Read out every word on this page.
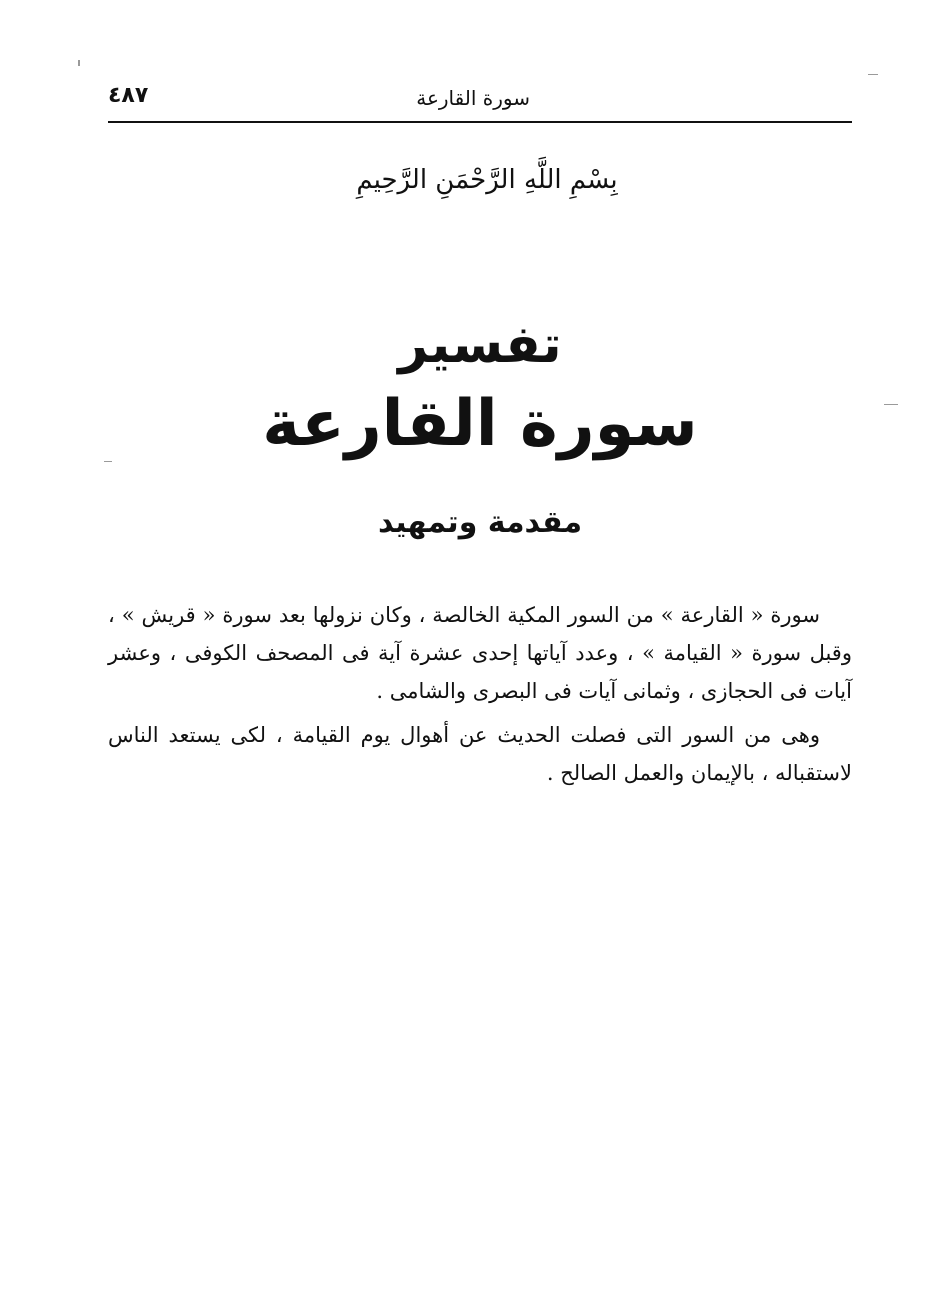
سورة القارعة
٤٨٧
بِسْمِ اللَّهِ الرَّحْمَنِ الرَّحِيمِ
تفسير
سورة القارعة
مقدمة وتمهيد

سورة « القارعة » من السور المكية الخالصة ، وكان نزولها بعد سورة « قريش » ، وقبل سورة « القيامة » ، وعدد آياتها إحدى عشرة آية فى المصحف الكوفى ، وعشر آيات فى الحجازى ، وثمانى آيات فى البصرى والشامى .

وهى من السور التى فصلت الحديث عن أهوال يوم القيامة ، لكى يستعد الناس لاستقباله ، بالإيمان والعمل الصالح .
